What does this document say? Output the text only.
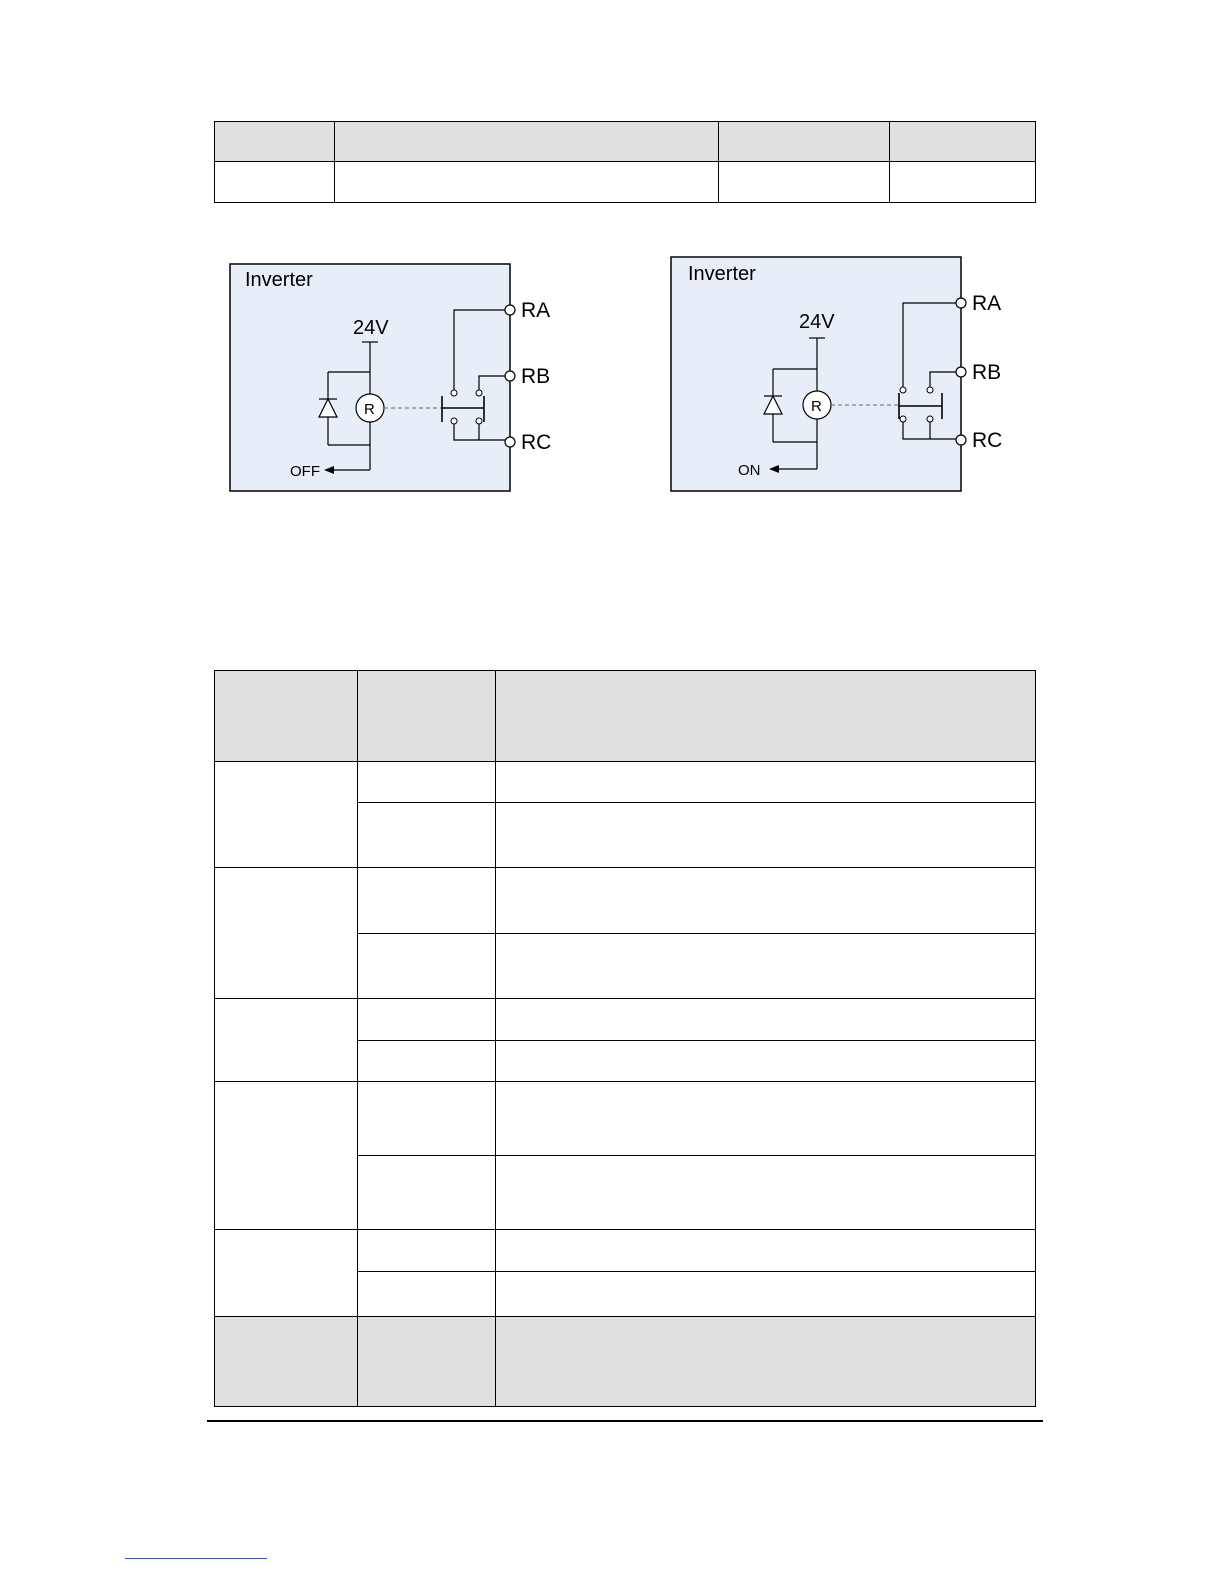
Inverter
24V
R
OFF
RA
RB
RC
Inverter
24V
R
ON
RA
RB
RC
